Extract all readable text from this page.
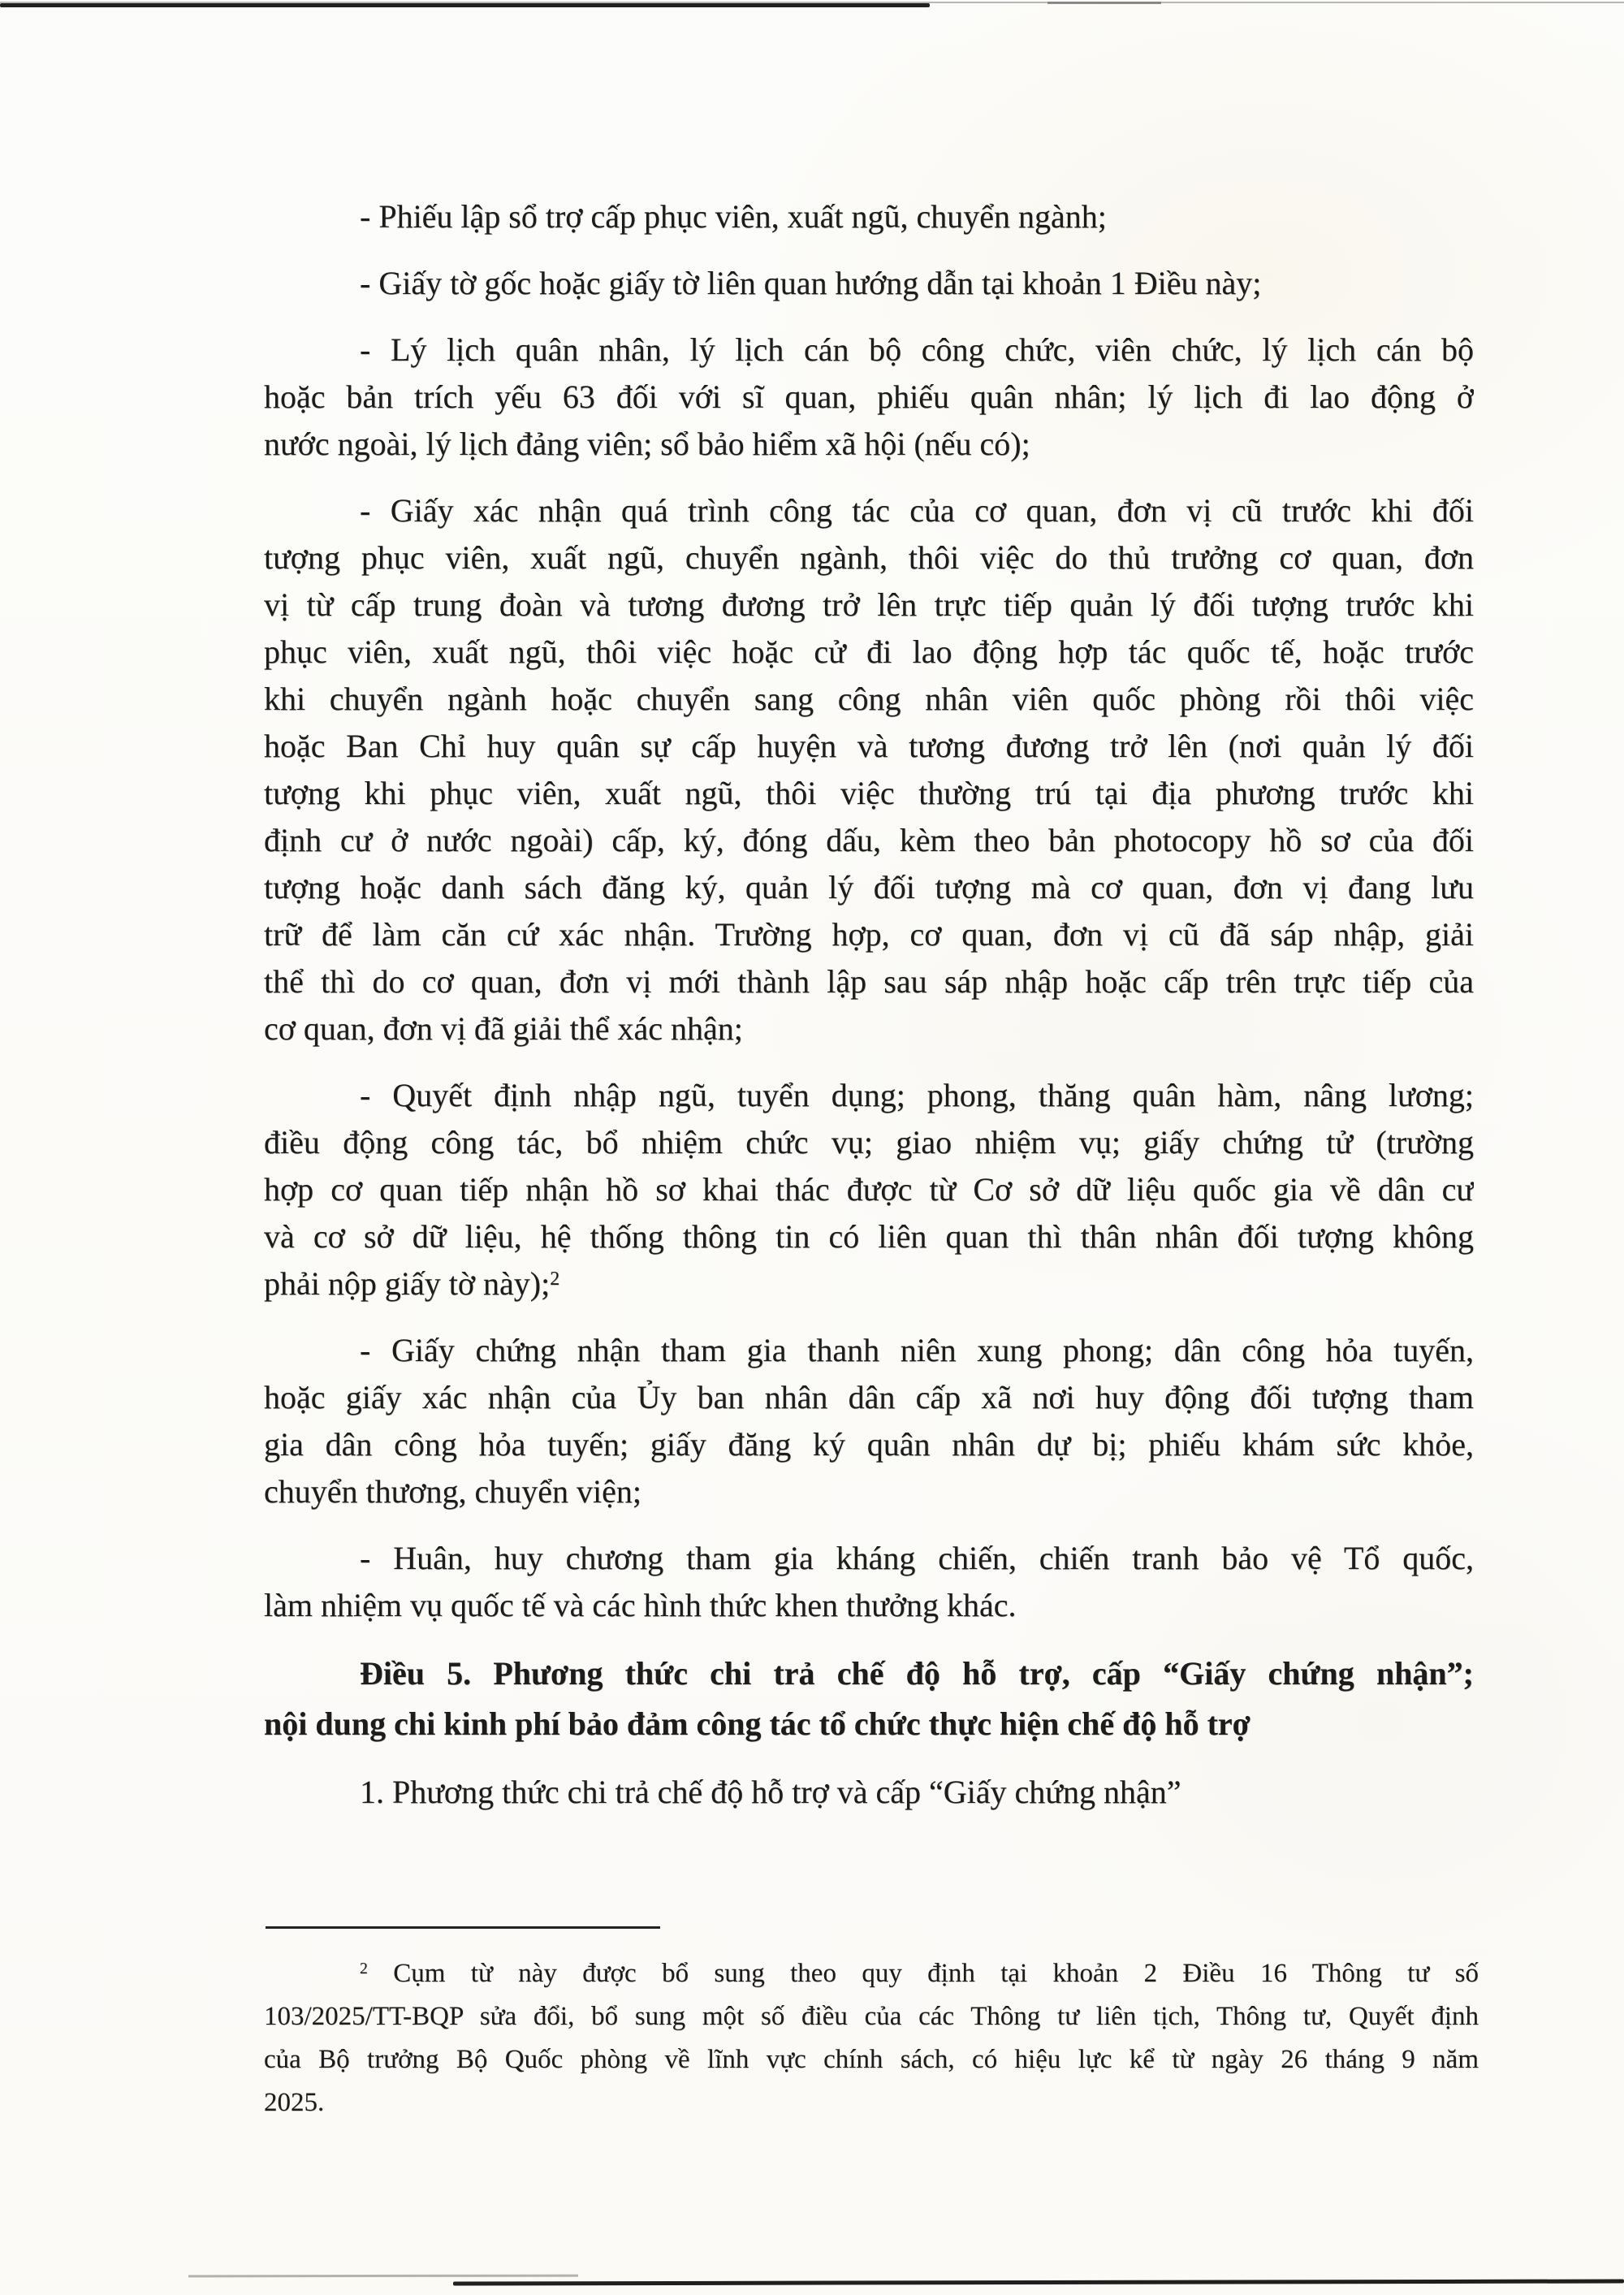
- Phiếu lập sổ trợ cấp phục viên, xuất ngũ, chuyển ngành;
- Giấy tờ gốc hoặc giấy tờ liên quan hướng dẫn tại khoản 1 Điều này;
- Lý lịch quân nhân, lý lịch cán bộ công chức, viên chức, lý lịch cán bộ
hoặc bản trích yếu 63 đối với sĩ quan, phiếu quân nhân; lý lịch đi lao động ở
nước ngoài, lý lịch đảng viên; sổ bảo hiểm xã hội (nếu có);
- Giấy xác nhận quá trình công tác của cơ quan, đơn vị cũ trước khi đối
tượng phục viên, xuất ngũ, chuyển ngành, thôi việc do thủ trưởng cơ quan, đơn
vị từ cấp trung đoàn và tương đương trở lên trực tiếp quản lý đối tượng trước khi
phục viên, xuất ngũ, thôi việc hoặc cử đi lao động hợp tác quốc tế, hoặc trước
khi chuyển ngành hoặc chuyển sang công nhân viên quốc phòng rồi thôi việc
hoặc Ban Chỉ huy quân sự cấp huyện và tương đương trở lên (nơi quản lý đối
tượng khi phục viên, xuất ngũ, thôi việc thường trú tại địa phương trước khi
định cư ở nước ngoài) cấp, ký, đóng dấu, kèm theo bản photocopy hồ sơ của đối
tượng hoặc danh sách đăng ký, quản lý đối tượng mà cơ quan, đơn vị đang lưu
trữ để làm căn cứ xác nhận. Trường hợp, cơ quan, đơn vị cũ đã sáp nhập, giải
thể thì do cơ quan, đơn vị mới thành lập sau sáp nhập hoặc cấp trên trực tiếp của
cơ quan, đơn vị đã giải thể xác nhận;
- Quyết định nhập ngũ, tuyển dụng; phong, thăng quân hàm, nâng lương;
điều động công tác, bổ nhiệm chức vụ; giao nhiệm vụ; giấy chứng tử (trường
hợp cơ quan tiếp nhận hồ sơ khai thác được từ Cơ sở dữ liệu quốc gia về dân cư
và cơ sở dữ liệu, hệ thống thông tin có liên quan thì thân nhân đối tượng không
phải nộp giấy tờ này);$^2$
- Giấy chứng nhận tham gia thanh niên xung phong; dân công hỏa tuyến,
hoặc giấy xác nhận của Ủy ban nhân dân cấp xã nơi huy động đối tượng tham
gia dân công hỏa tuyến; giấy đăng ký quân nhân dự bị; phiếu khám sức khỏe,
chuyển thương, chuyển viện;
- Huân, huy chương tham gia kháng chiến, chiến tranh bảo vệ Tổ quốc,
làm nhiệm vụ quốc tế và các hình thức khen thưởng khác.
Điều 5. Phương thức chi trả chế độ hỗ trợ, cấp “Giấy chứng nhận”;
nội dung chi kinh phí bảo đảm công tác tổ chức thực hiện chế độ hỗ trợ
1. Phương thức chi trả chế độ hỗ trợ và cấp “Giấy chứng nhận”
$^2$ Cụm từ này được bổ sung theo quy định tại khoản 2 Điều 16 Thông tư số
103/2025/TT-BQP sửa đổi, bổ sung một số điều của các Thông tư liên tịch, Thông tư, Quyết định
của Bộ trưởng Bộ Quốc phòng về lĩnh vực chính sách, có hiệu lực kể từ ngày 26 tháng 9 năm
2025.
